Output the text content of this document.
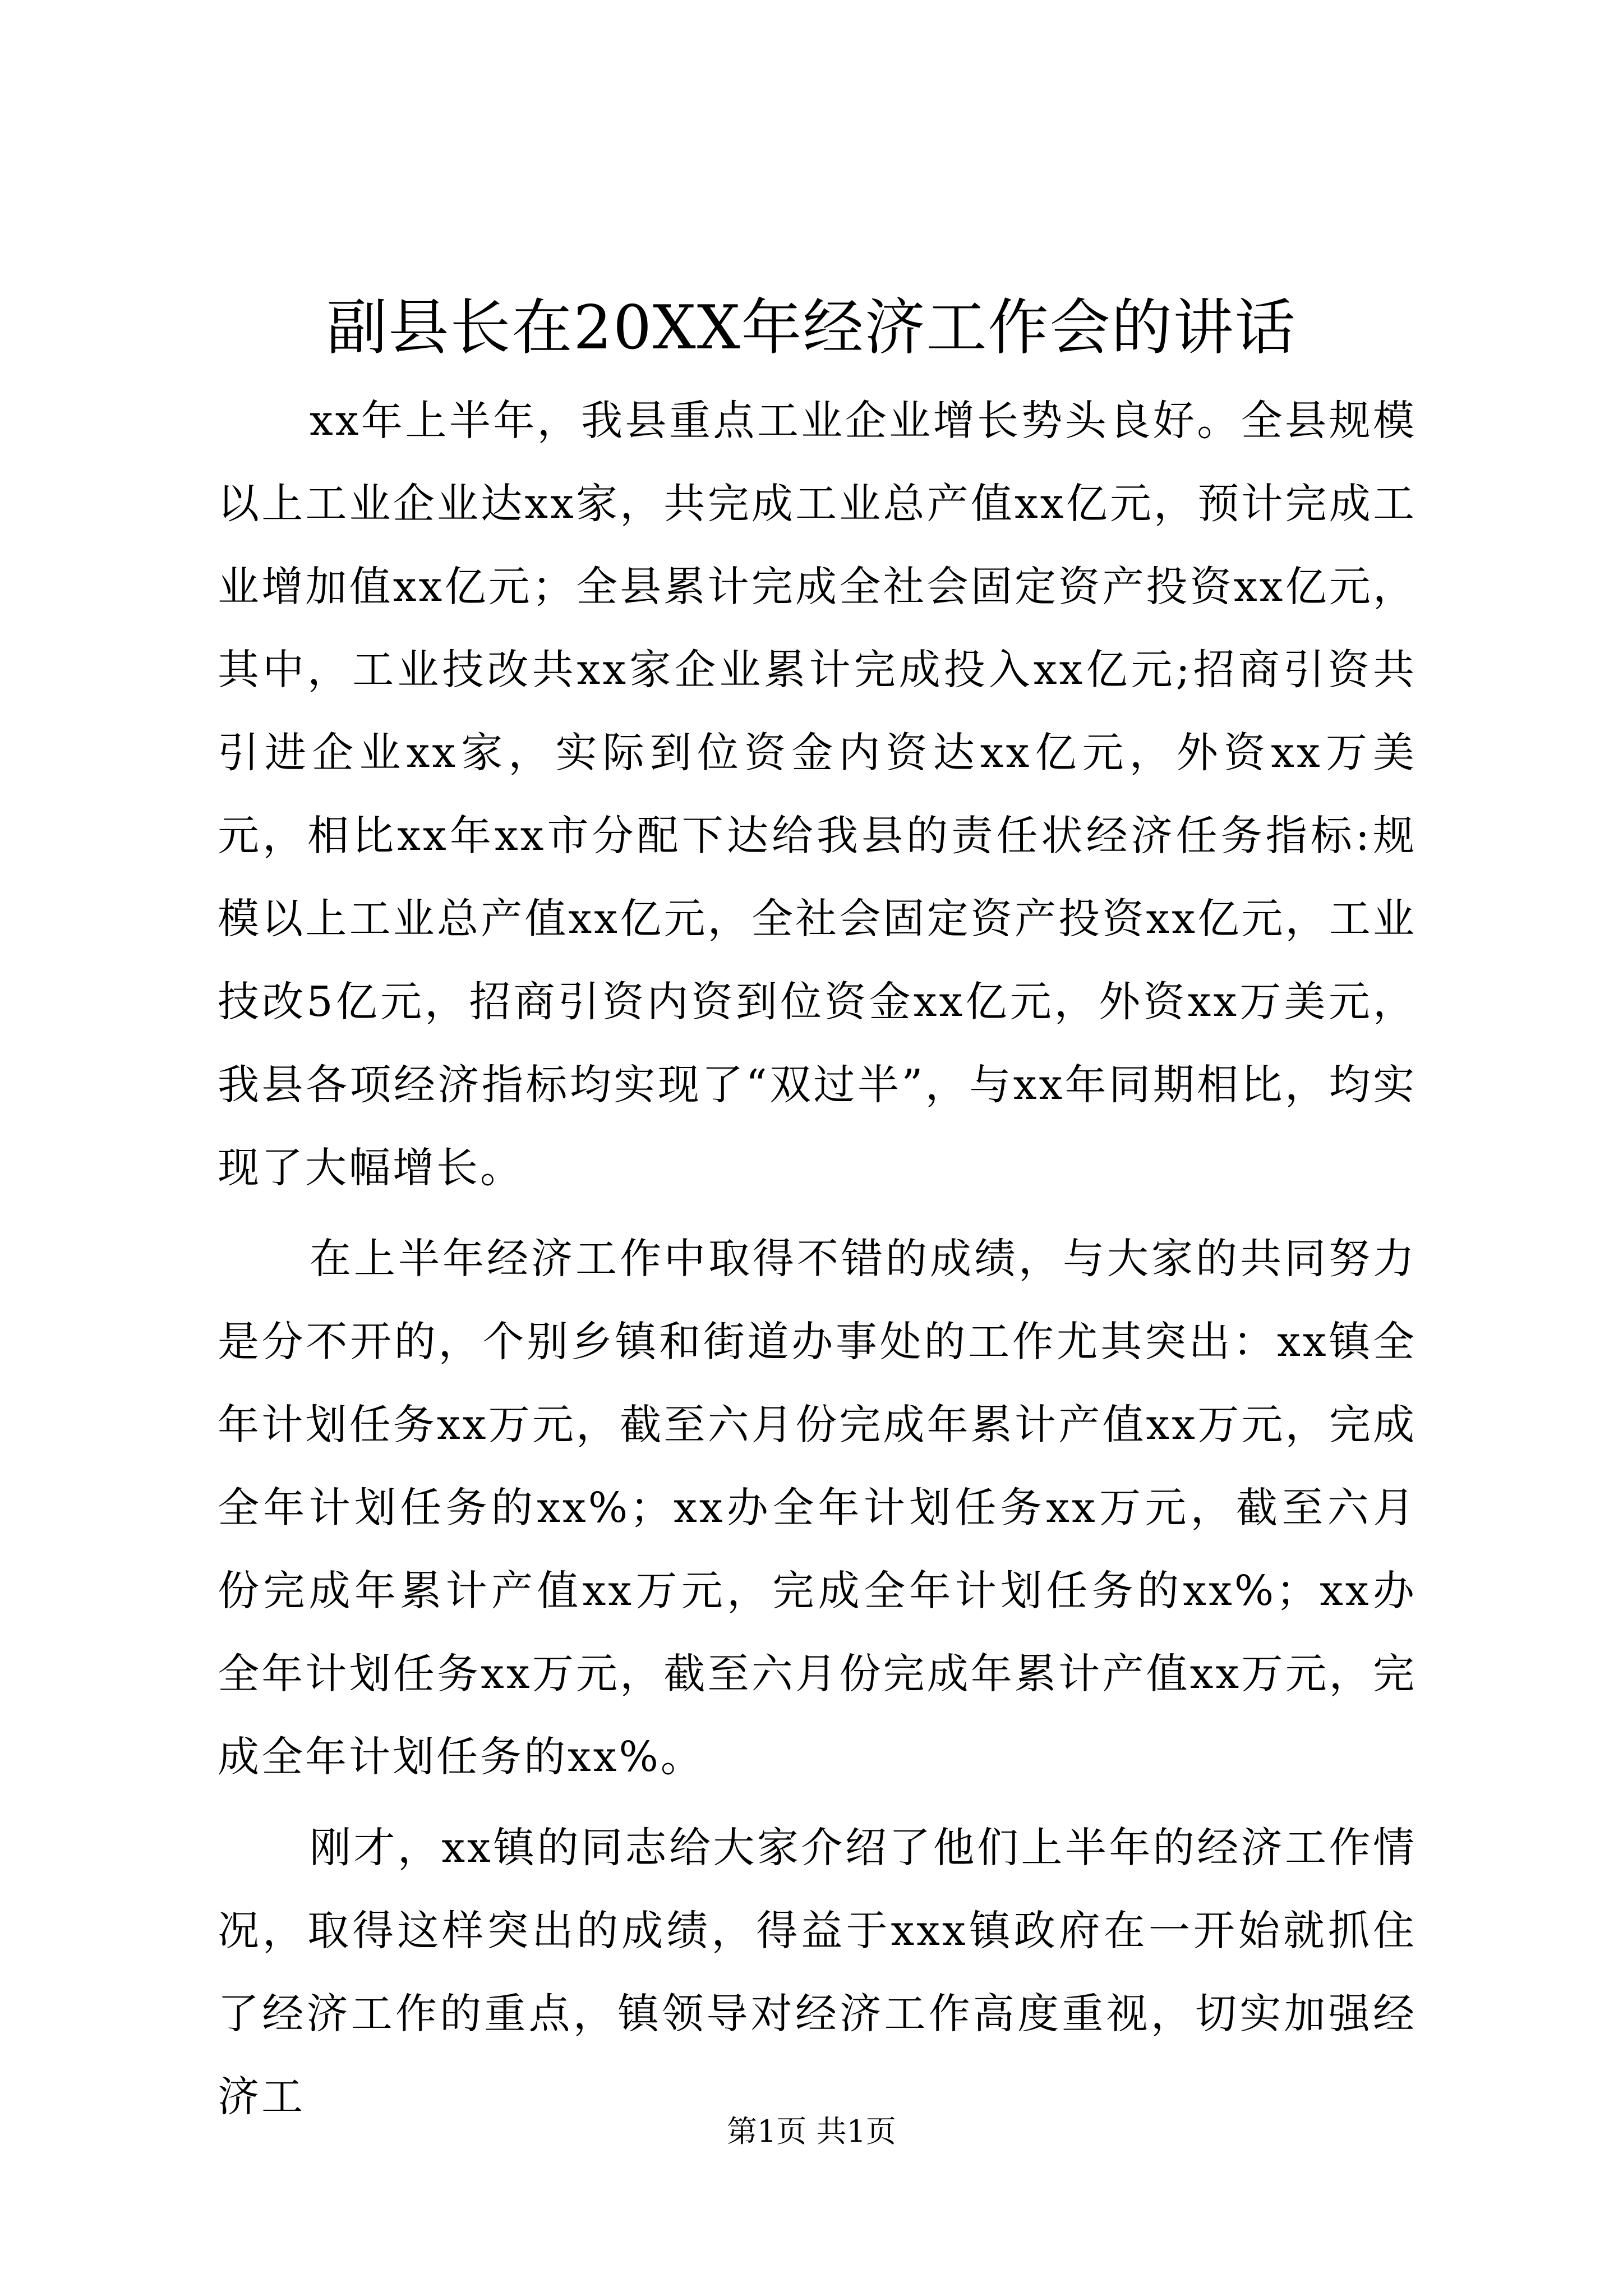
副县长在20XX年经济工作会的讲话

xx年上半年，我县重点工业企业增长势头良好。全县规模以上工业企业达xx家，共完成工业总产值xx亿元，预计完成工业增加值xx亿元；全县累计完成全社会固定资产投资xx亿元，其中，工业技改共xx家企业累计完成投入xx亿元;招商引资共引进企业xx家，实际到位资金内资达xx亿元，外资xx万美元，相比xx年xx市分配下达给我县的责任状经济任务指标:规模以上工业总产值xx亿元，全社会固定资产投资xx亿元，工业技改5亿元，招商引资内资到位资金xx亿元，外资xx万美元，我县各项经济指标均实现了“双过半”，与xx年同期相比，均实现了大幅增长。

在上半年经济工作中取得不错的成绩，与大家的共同努力是分不开的，个别乡镇和街道办事处的工作尤其突出：xx镇全年计划任务xx万元，截至六月份完成年累计产值xx万元，完成全年计划任务的xx%；xx办全年计划任务xx万元，截至六月份完成年累计产值xx万元，完成全年计划任务的xx%；xx办全年计划任务xx万元，截至六月份完成年累计产值xx万元，完成全年计划任务的xx%。

刚才，xx镇的同志给大家介绍了他们上半年的经济工作情况，取得这样突出的成绩，得益于xxx镇政府在一开始就抓住了经济工作的重点，镇领导对经济工作高度重视，切实加强经济工

第1页 共1页
